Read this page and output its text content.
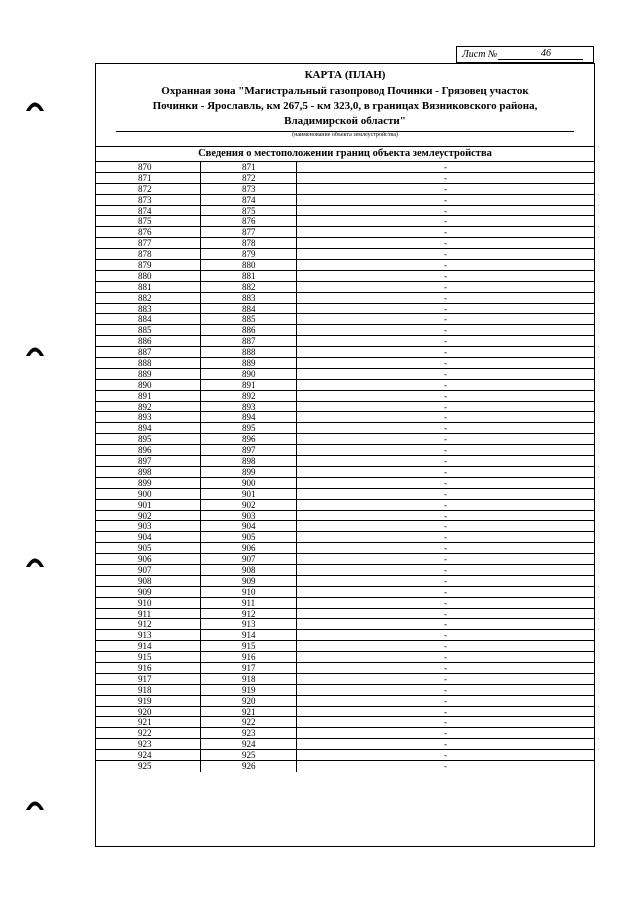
Лист №	46
КАРТА (ПЛАН)
Охранная зона "Магистральный газопровод Починки - Грязовец участок
Починки - Ярославль, км 267,5 - км 323,0, в границах Вязниковского района,
Владимирской области"
(наименование объекта землеустройства)
Сведения о местоположении границ объекта землеустройства
870	871	-
871	872	-
872	873	-
873	874	-
874	875	-
875	876	-
876	877	-
877	878	-
878	879	-
879	880	-
880	881	-
881	882	-
882	883	-
883	884	-
884	885	-
885	886	-
886	887	-
887	888	-
888	889	-
889	890	-
890	891	-
891	892	-
892	893	-
893	894	-
894	895	-
895	896	-
896	897	-
897	898	-
898	899	-
899	900	-
900	901	-
901	902	-
902	903	-
903	904	-
904	905	-
905	906	-
906	907	-
907	908	-
908	909	-
909	910	-
910	911	-
911	912	-
912	913	-
913	914	-
914	915	-
915	916	-
916	917	-
917	918	-
918	919	-
919	920	-
920	921	-
921	922	-
922	923	-
923	924	-
924	925	-
925	926	-
